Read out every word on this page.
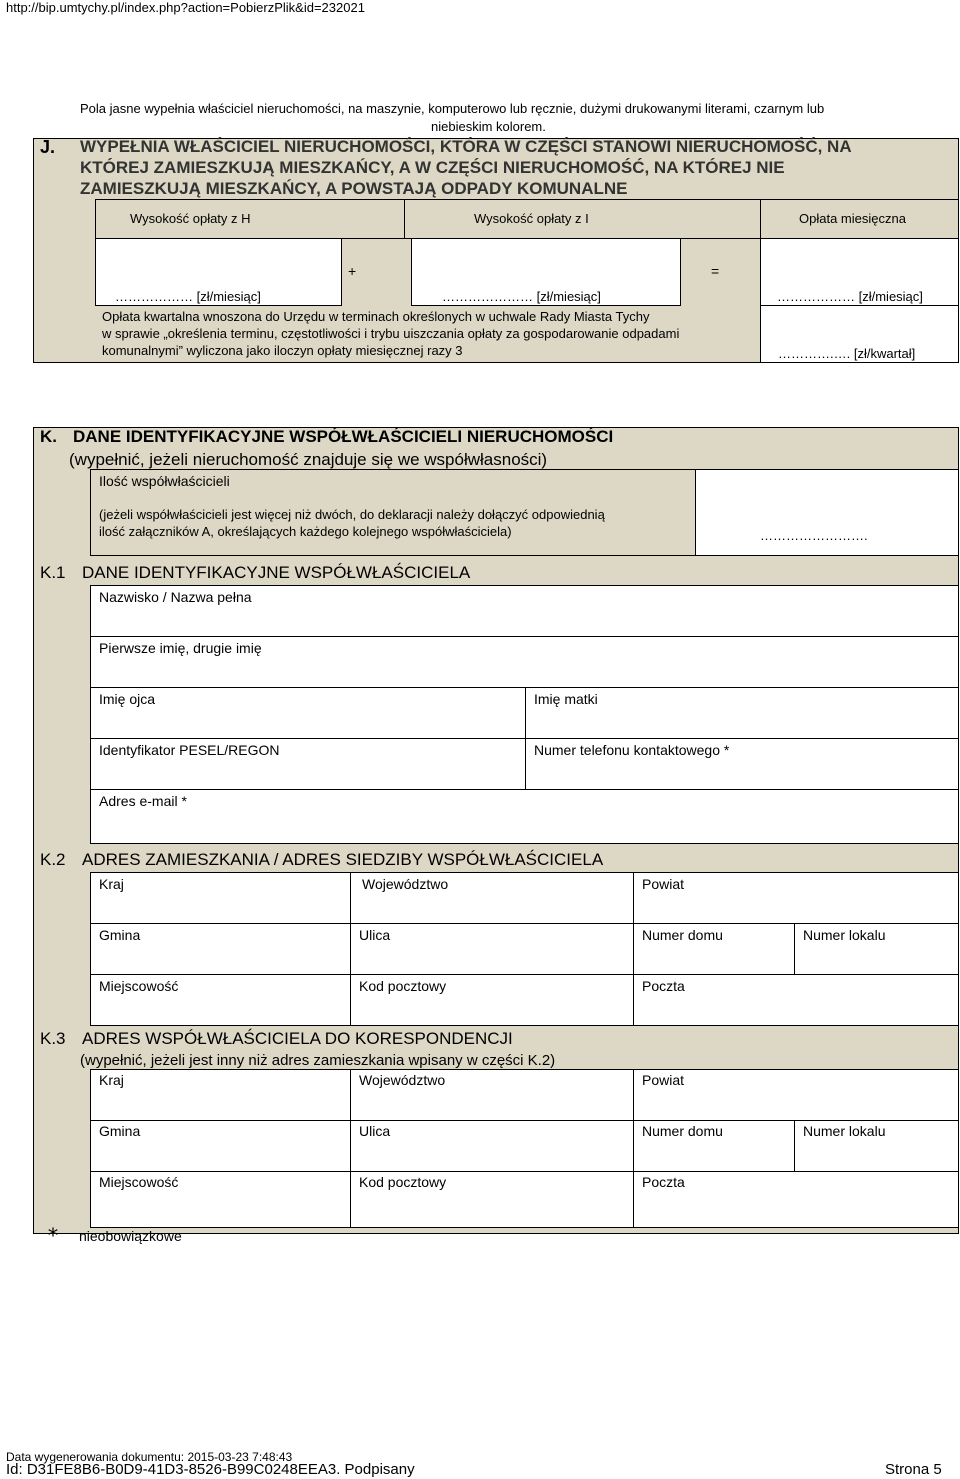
http://bip.umtychy.pl/index.php?action=PobierzPlik&id=232021
Pola jasne wypełnia właściciel nieruchomości, na maszynie, komputerowo lub ręcznie, dużymi drukowanymi literami, czarnym lub
niebieskim kolorem.
J. WYPEŁNIA WŁAŚCICIEL NIERUCHOMOŚCI, KTÓRA W CZĘŚCI STANOWI NIERUCHOMOŚĆ, NA
KTÓREJ ZAMIESZKUJĄ MIESZKAŃCY, A W CZĘŚCI NIERUCHOMOŚĆ, NA KTÓREJ NIE
ZAMIESZKUJĄ MIESZKAŃCY, A POWSTAJĄ ODPADY KOMUNALNE
Wysokość opłaty z H	Wysokość opłaty z I	Opłata miesięczna
+	=
……………… [zł/miesiąc]	………………… [zł/miesiąc]	……………… [zł/miesiąc]
Opłata kwartalna wnoszona do Urzędu w terminach określonych w uchwale Rady Miasta Tychy
w sprawie „określenia terminu, częstotliwości i trybu uiszczania opłaty za gospodarowanie odpadami
komunalnymi” wyliczona jako iloczyn opłaty miesięcznej razy 3	………….…. [zł/kwartał]
K. DANE IDENTYFIKACYJNE WSPÓŁWŁAŚCICIELI NIERUCHOMOŚCI
(wypełnić, jeżeli nieruchomość znajduje się we współwłasności)
Ilość współwłaścicieli
(jeżeli współwłaścicieli jest więcej niż dwóch, do deklaracji należy dołączyć odpowiednią
ilość załączników A, określających każdego kolejnego współwłaściciela)	…………………….
K.1 DANE IDENTYFIKACYJNE WSPÓŁWŁAŚCICIELA
Nazwisko / Nazwa pełna
Pierwsze imię, drugie imię
Imię ojca	Imię matki
Identyfikator PESEL/REGON	Numer telefonu kontaktowego *
Adres e-mail *
K.2 ADRES ZAMIESZKANIA / ADRES SIEDZIBY WSPÓŁWŁAŚCICIELA
Kraj	Województwo	Powiat
Gmina	Ulica	Numer domu	Numer lokalu
Miejscowość	Kod pocztowy	Poczta
K.3 ADRES WSPÓŁWŁAŚCICIELA DO KORESPONDENCJI
(wypełnić, jeżeli jest inny niż adres zamieszkania wpisany w części K.2)
Kraj	Województwo	Powiat
Gmina	Ulica	Numer domu	Numer lokalu
Miejscowość	Kod pocztowy	Poczta
* nieobowiązkowe
Data wygenerowania dokumentu: 2015-03-23 7:48:43
Id: D31FE8B6-B0D9-41D3-8526-B99C0248EEA3. Podpisany	Strona 5
